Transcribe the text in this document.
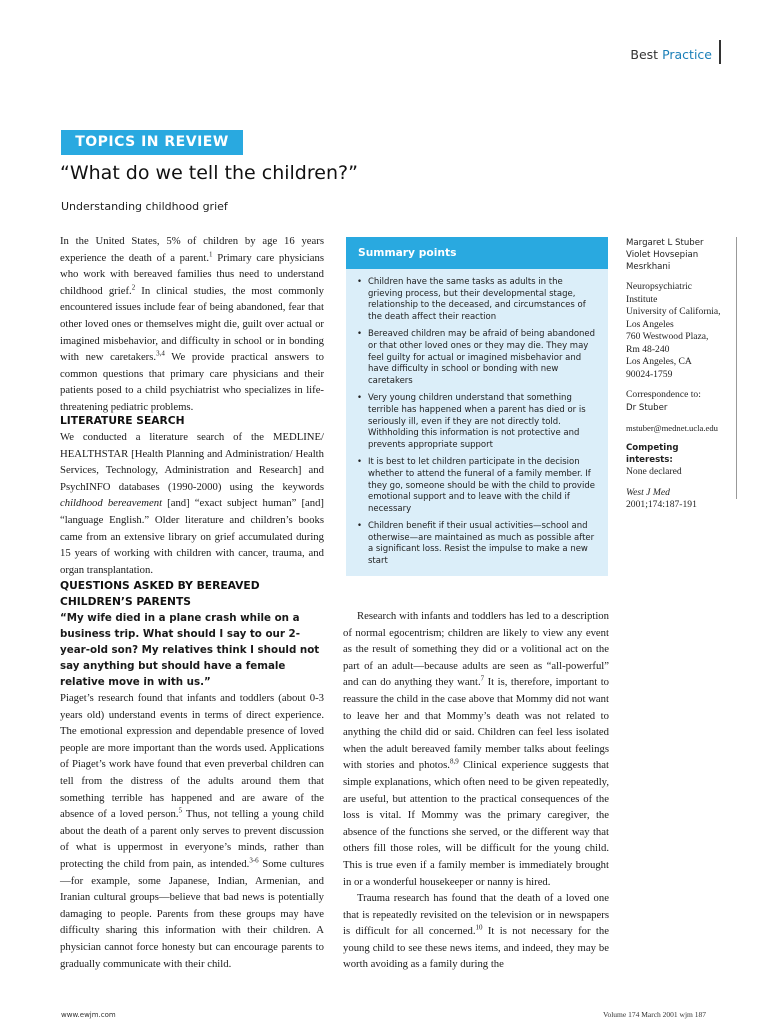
Best Practice
TOPICS IN REVIEW
“What do we tell the children?”
Understanding childhood grief

In the United States, 5% of children by age 16 years experience the death of a parent.$^1$ Primary care physicians who work with bereaved families thus need to understand childhood grief.$^2$ In clinical studies, the most commonly encountered issues include fear of being abandoned, fear that other loved ones or themselves might die, guilt over actual or imagined misbehavior, and difficulty in school or in bonding with new caretakers.$^{3,4}$ We provide practical answers to common questions that primary care physicians and their patients posed to a child psychiatrist who specializes in life-threatening pediatric problems.

LITERATURE SEARCH

We conducted a literature search of the MEDLINE/ HEALTHSTAR [Health Planning and Administration/ Health Services, Technology, Administration and Research] and PsychINFO databases (1990-2000) using the keywords childhood bereavement [and] “exact subject human” [and] “language English.” Older literature and children’s books came from an extensive library on grief accumulated during 15 years of working with children with cancer, trauma, and organ transplantation.

QUESTIONS ASKED BY BEREAVED CHILDREN’S PARENTS
“My wife died in a plane crash while on a business trip. What should I say to our 2-year-old son? My relatives think I should not say anything but should have a female relative move in with us.”

Piaget’s research found that infants and toddlers (about 0-3 years old) understand events in terms of direct experience. The emotional expression and dependable presence of loved people are more important than the words used. Applications of Piaget’s work have found that even preverbal children can tell from the distress of the adults around them that something terrible has happened and are aware of the absence of a loved person.$^5$ Thus, not telling a young child about the death of a parent only serves to prevent discussion of what is uppermost in everyone’s minds, rather than protecting the child from pain, as intended.$^{3-6}$ Some cultures—for example, some Japanese, Indian, Armenian, and Iranian cultural groups—believe that bad news is potentially damaging to people. Parents from these groups may have difficulty sharing this information with their children. A physician cannot force honesty but can encourage parents to gradually communicate with their child.

Research with infants and toddlers has led to a description of normal egocentrism; children are likely to view any event as the result of something they did or a volitional act on the part of an adult—because adults are seen as “all-powerful” and can do anything they want.$^7$ It is, therefore, important to reassure the child in the case above that Mommy did not want to leave her and that Mommy’s death was not related to anything the child did or said. Children can feel less isolated when the adult bereaved family member talks about feelings with stories and photos.$^{8,9}$ Clinical experience suggests that simple explanations, which often need to be given repeatedly, are useful, but attention to the practical consequences of the loss is vital. If Mommy was the primary caregiver, the absence of the functions she served, or the different way that others fill those roles, will be difficult for the young child. This is true even if a family member is immediately brought in or a wonderful housekeeper or nanny is hired.

Trauma research has found that the death of a loved one that is repeatedly revisited on the television or in newspapers is difficult for all concerned.$^{10}$ It is not necessary for the young child to see these news items, and indeed, they may be worth avoiding as a family during the

Summary points
• Children have the same tasks as adults in the grieving process, but their developmental stage, relationship to the deceased, and circumstances of the death affect their reaction
• Bereaved children may be afraid of being abandoned or that other loved ones or they may die. They may feel guilty for actual or imagined misbehavior and have difficulty in school or bonding with new caretakers
• Very young children understand that something terrible has happened when a parent has died or is seriously ill, even if they are not directly told. Withholding this information is not protective and prevents appropriate support
• It is best to let children participate in the decision whether to attend the funeral of a family member. If they go, someone should be with the child to provide emotional support and to leave with the child if necessary
• Children benefit if their usual activities—school and otherwise—are maintained as much as possible after a significant loss. Resist the impulse to make a new start
Margaret L Stuber
Violet Hovsepian
Mesrkhani
Neuropsychiatric
Institute
University of California,
Los Angeles
760 Westwood Plaza,
Rm 48-240
Los Angeles, CA
90024-1759
Correspondence to:
Dr Stuber
mstuber@mednet.ucla.edu
Competing interests:
None declared
West J Med
2001;174:187-191
www.ewjm.com	Volume 174 March 2001 wjm 187
